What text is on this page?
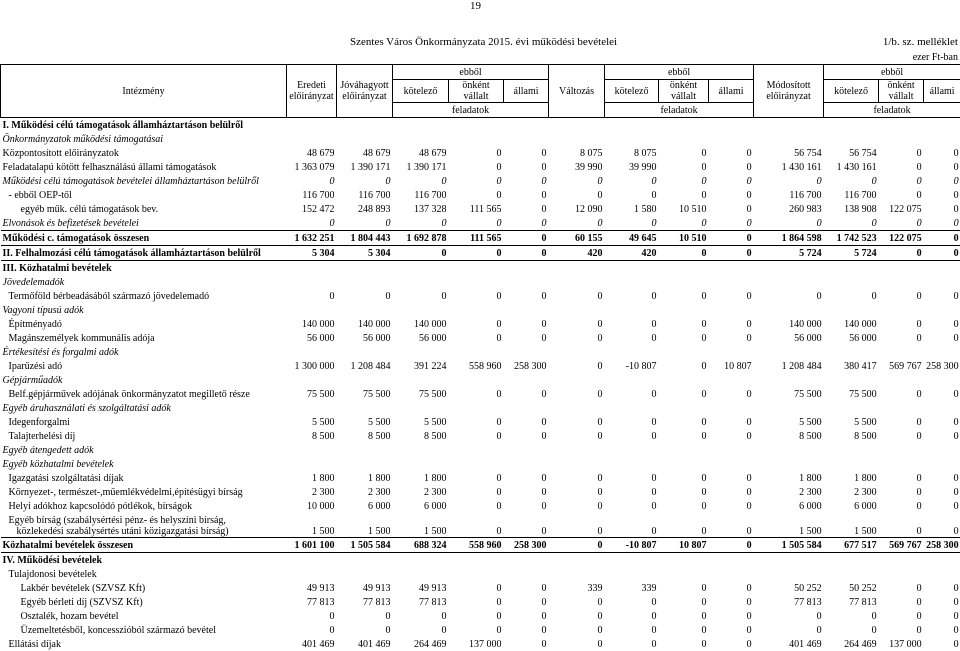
19
Szentes Város Önkormányzata 2015. évi működési bevételei	1/b. sz. melléklet
ezer Ft-ban
Intézmény	Eredeti előirányzat	Jóváhagyott előirányzat	ebből			Változás	ebből			Módosított előirányzat	ebből		
			kötelező	önként vállalt	állami		kötelező	önként vállalt	állami		kötelező	önként vállalt	állami
			feladatok				feladatok				feladatok		
I. Működési célú támogatások államháztartáson belülről													
Önkormányzatok működési támogatásai													
Központosított előirányzatok	48 679	48 679	48 679	0	0	8 075	8 075	0	0	56 754	56 754	0	0
Feladatalapú kötött felhasználású állami támogatások	1 363 079	1 390 171	1 390 171	0	0	39 990	39 990	0	0	1 430 161	1 430 161	0	0
Működési célú támogatások bevételei államháztartáson belülről	0	0	0	0	0	0	0	0	0	0	0	0	0
- ebből OEP-től	116 700	116 700	116 700	0	0	0	0	0	0	116 700	116 700	0	0
egyéb műk. célú támogatások bev.	152 472	248 893	137 328	111 565	0	12 090	1 580	10 510	0	260 983	138 908	122 075	0
Elvonások és befizetések bevételei	0	0	0	0	0	0	0	0	0	0	0	0	0
Működési c. támogatások összesen	1 632 251	1 804 443	1 692 878	111 565	0	60 155	49 645	10 510	0	1 864 598	1 742 523	122 075	0
II. Felhalmozási célú támogatások államháztartáson belülről	5 304	5 304	0	0	0	420	420	0	0	5 724	5 724	0	0
III. Közhatalmi bevételek													
Jövedelemadók													
Termőföld bérbeadásából származó jövedelemadó	0	0	0	0	0	0	0	0	0	0	0	0	0
Vagyoni típusú adók													
Építményadó	140 000	140 000	140 000	0	0	0	0	0	0	140 000	140 000	0	0
Magánszemélyek kommunális adója	56 000	56 000	56 000	0	0	0	0	0	0	56 000	56 000	0	0
Értékesítési és forgalmi adók													
Iparűzési adó	1 300 000	1 208 484	391 224	558 960	258 300	0	-10 807	0	10 807	1 208 484	380 417	569 767	258 300
Gépjárműadók													
Belf.gépjárművek adójának önkormányzatot megillető része	75 500	75 500	75 500	0	0	0	0	0	0	75 500	75 500	0	0
Egyéb áruhasználati és szolgáltatási adók													
Idegenforgalmi	5 500	5 500	5 500	0	0	0	0	0	0	5 500	5 500	0	0
Talajterhelési díj	8 500	8 500	8 500	0	0	0	0	0	0	8 500	8 500	0	0
Egyéb átengedett adók													
Egyéb közhatalmi bevételek													
Igazgatási szolgáltatási díjak	1 800	1 800	1 800	0	0	0	0	0	0	1 800	1 800	0	0
Környezet-, természet-,műemlékvédelmi,építésügyi bírság	2 300	2 300	2 300	0	0	0	0	0	0	2 300	2 300	0	0
Helyi adókhoz kapcsolódó pótlékok, bírságok	10 000	6 000	6 000	0	0	0	0	0	0	6 000	6 000	0	0
Egyéb bírság (szabálysértési pénz- és helyszíni bírság,
közlekedési szabálysértés utáni közigazgatási bírság)	1 500	1 500	1 500	0	0	0	0	0	0	1 500	1 500	0	0
Közhatalmi bevételek összesen	1 601 100	1 505 584	688 324	558 960	258 300	0	-10 807	10 807	0	1 505 584	677 517	569 767	258 300
IV. Működési bevételek													
Tulajdonosi bevételek													
Lakbér bevételek (SZVSZ Kft)	49 913	49 913	49 913	0	0	339	339	0	0	50 252	50 252	0	0
Egyéb bérleti díj (SZVSZ Kft)	77 813	77 813	77 813	0	0	0	0	0	0	77 813	77 813	0	0
Osztalék, hozam bevétel	0	0	0	0	0	0	0	0	0	0	0	0	0
Üzemeltetésből, koncesszióból származó bevétel	0	0	0	0	0	0	0	0	0	0	0	0	0
Ellátási díjak	401 469	401 469	264 469	137 000	0	0	0	0	0	401 469	264 469	137 000	0
